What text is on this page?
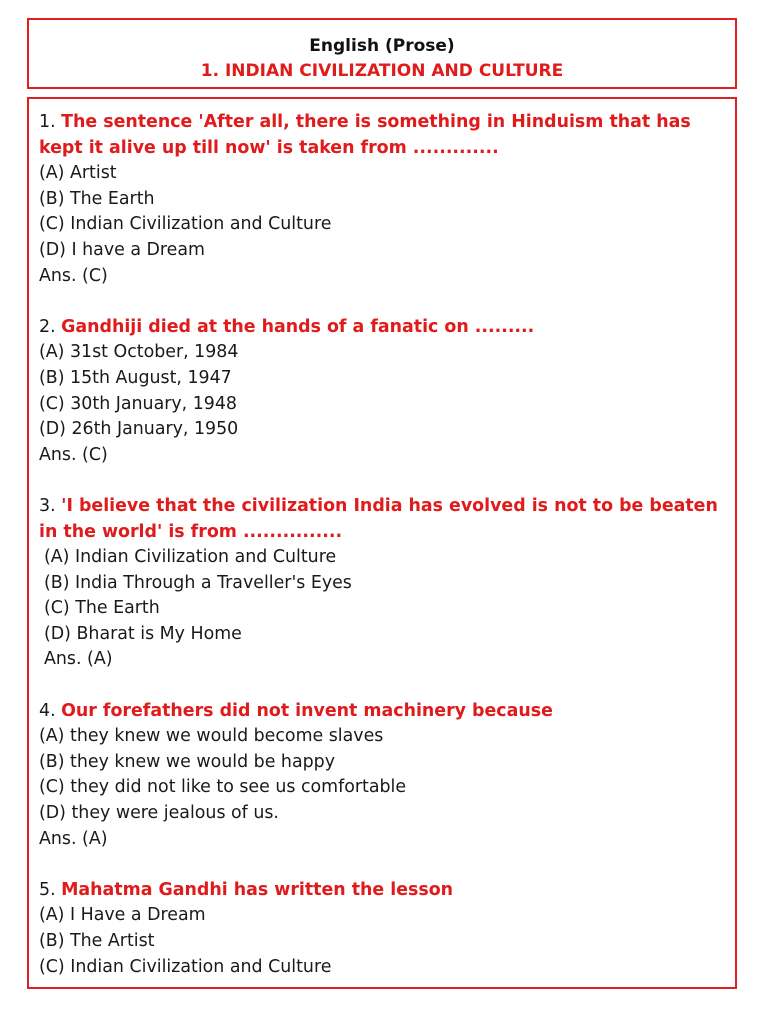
English (Prose)
1. INDIAN CIVILIZATION AND CULTURE
1. The sentence 'After all, there is something in Hinduism that has kept it alive up till now' is taken from .............
(A) Artist
(B) The Earth
(C) Indian Civilization and Culture
(D) I have a Dream
Ans. (C)
2. Gandhiji died at the hands of a fanatic on .........
(A) 31st October, 1984
(B) 15th August, 1947
(C) 30th January, 1948
(D) 26th January, 1950
Ans. (C)
3. 'I believe that the civilization India has evolved is not to be beaten in the world' is from ...............
(A) Indian Civilization and Culture
(B) India Through a Traveller's Eyes
(C) The Earth
(D) Bharat is My Home
Ans. (A)
4. Our forefathers did not invent machinery because
(A) they knew we would become slaves
(B) they knew we would be happy
(C) they did not like to see us comfortable
(D) they were jealous of us.
Ans. (A)
5. Mahatma Gandhi has written the lesson
(A) I Have a Dream
(B) The Artist
(C) Indian Civilization and Culture
